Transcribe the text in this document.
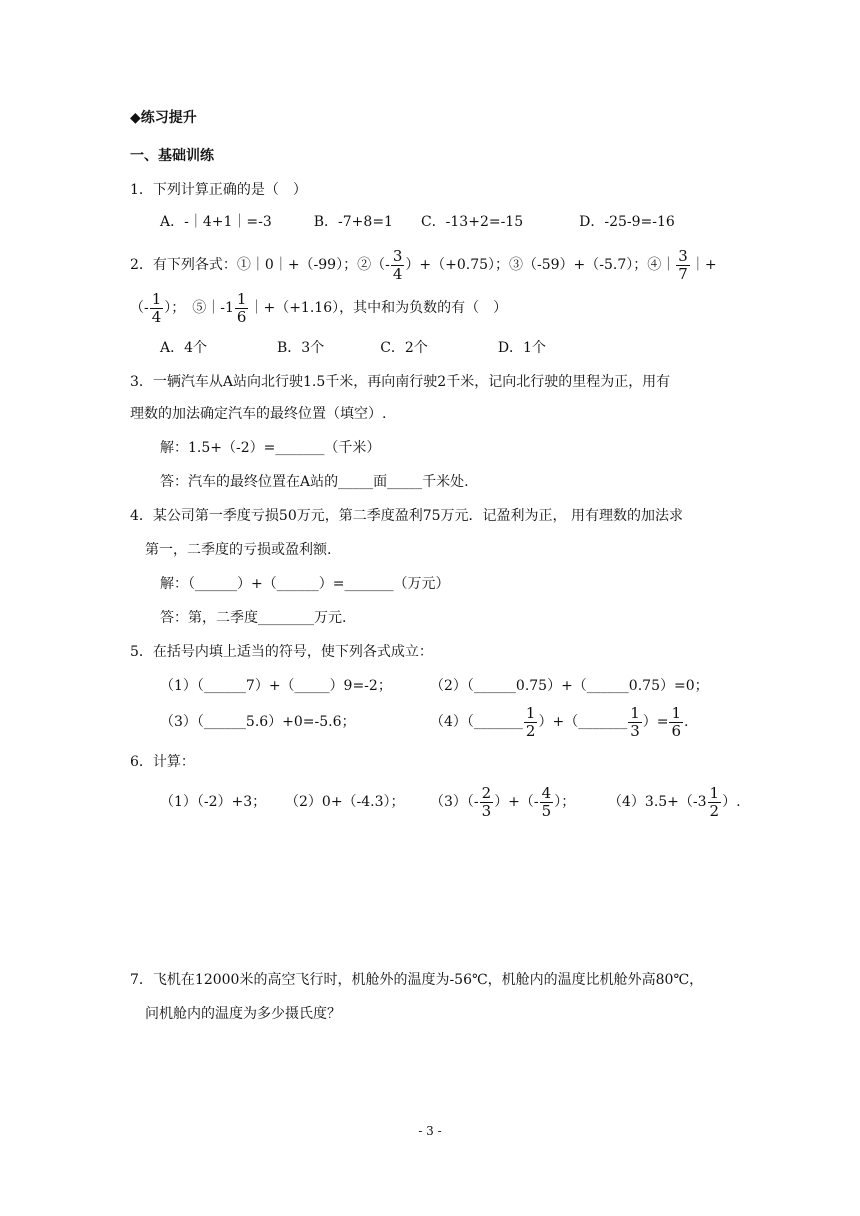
◆练习提升
一、基础训练
1．下列计算正确的是（　）
A．-｜4+1｜=-3　　　B．-7+8=1　　C．-13+2=-15　　　　D．-25-9=-16
2．有下列各式：①｜0｜+（-99）；②（- $\frac{3}{4} )+(+0.75)$；③（-59）+（-5.7）；④｜ $\frac{3}{7}$ ｜+
（- $\frac{1}{4}$ ）；　⑤｜-1 $\frac{1}{6}$ ｜+（+1.16），其中和为负数的有（　）
A．4个　　　　　B．3个　　　　C．2个　　　　　D．1个
3．一辆汽车从A站向北行驶1.5千米，再向南行驶2千米，记向北行驶的里程为正，用有
理数的加法确定汽车的最终位置（填空）.
解：1.5+（-2）=_______（千米）
答：汽车的最终位置在A站的_____面_____千米处.
4．某公司第一季度亏损50万元，第二季度盈利75万元．记盈利为正， 用有理数的加法求
第一，二季度的亏损或盈利额.
解：（______）+（______）=_______（万元）
答：第，二季度________万元.
5．在括号内填上适当的符号，使下列各式成立：
（1）（______7）+（_____）9=-2；	（2）（______0.75）+（______0.75）=0；
（3）（______5.6）+0=-5.6；	（4）（_______ $\frac{1}{2}$ ）+（_______ $\frac{1}{3}$ ）= $\frac{1}{6}$ .
6．计算：
（1）（-2）+3； （2）0+（-4.3）； $(3)(- \frac{2}{3}$ ）+（- $\frac{4}{5}$ ）； $(4)3.5+(-3 \frac{1}{2}$ ）.
7．飞机在12000米的高空飞行时，机舱外的温度为-56℃，机舱内的温度比机舱外高80℃，
问机舱内的温度为多少摄氏度？
- 3 -
